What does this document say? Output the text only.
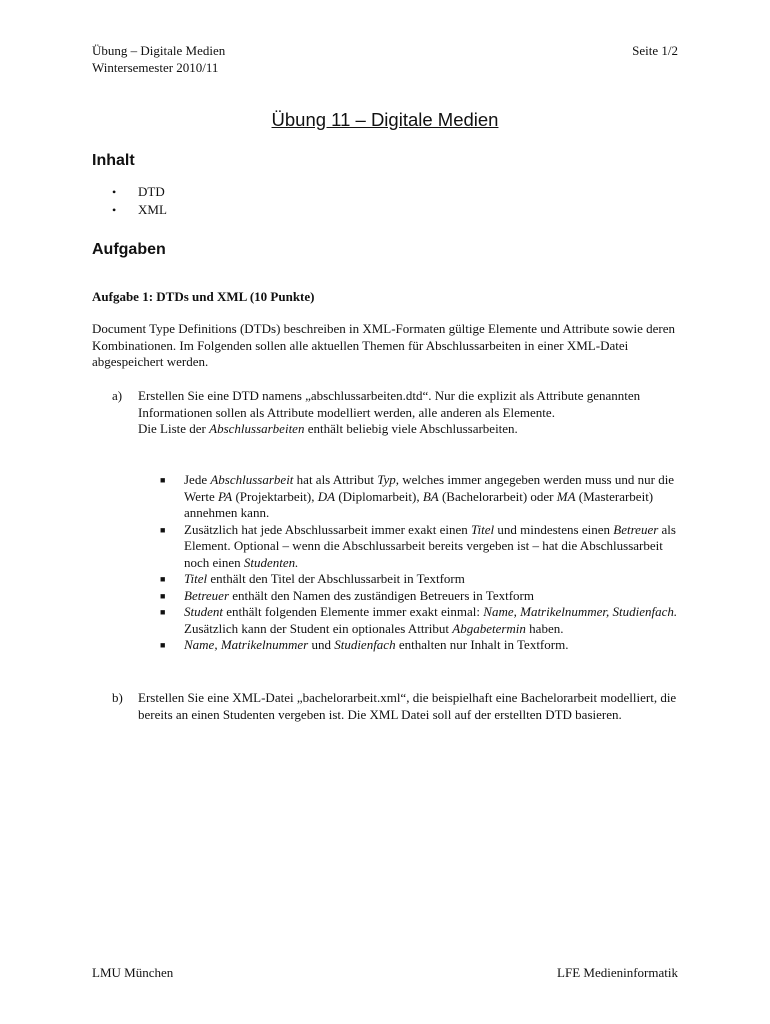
Übung – Digitale Medien
Wintersemester 2010/11
Seite 1/2
Übung 11 – Digitale Medien
Inhalt
•	DTD
•	XML
Aufgaben
Aufgabe 1: DTDs und XML (10 Punkte)
Document Type Definitions (DTDs) beschreiben in XML-Formaten gültige Elemente und Attribute sowie deren Kombinationen. Im Folgenden sollen alle aktuellen Themen für Abschlussarbeiten in einer XML-Datei abgespeichert werden.
a)	Erstellen Sie eine DTD namens „abschlussarbeiten.dtd“. Nur die explizit als Attribute genannten Informationen sollen als Attribute modelliert werden, alle anderen als Elemente.
Die Liste der Abschlussarbeiten enthält beliebig viele Abschlussarbeiten.
■	Jede Abschlussarbeit hat als Attribut Typ, welches immer angegeben werden muss und nur die Werte PA (Projektarbeit), DA (Diplomarbeit), BA (Bachelorarbeit) oder MA (Masterarbeit) annehmen kann.
■	Zusätzlich hat jede Abschlussarbeit immer exakt einen Titel und mindestens einen Betreuer als Element. Optional – wenn die Abschlussarbeit bereits vergeben ist – hat die Abschlussarbeit noch einen Studenten.
■	Titel enthält den Titel der Abschlussarbeit in Textform
■	Betreuer enthält den Namen des zuständigen Betreuers in Textform
■	Student enthält folgenden Elemente immer exakt einmal: Name, Matrikelnummer, Studienfach. Zusätzlich kann der Student ein optionales Attribut Abgabetermin haben.
■	Name, Matrikelnummer und Studienfach enthalten nur Inhalt in Textform.
b)	Erstellen Sie eine XML-Datei „bachelorarbeit.xml“, die beispielhaft eine Bachelorarbeit modelliert, die bereits an einen Studenten vergeben ist. Die XML Datei soll auf der erstellten DTD basieren.
LMU München	LFE Medieninformatik
